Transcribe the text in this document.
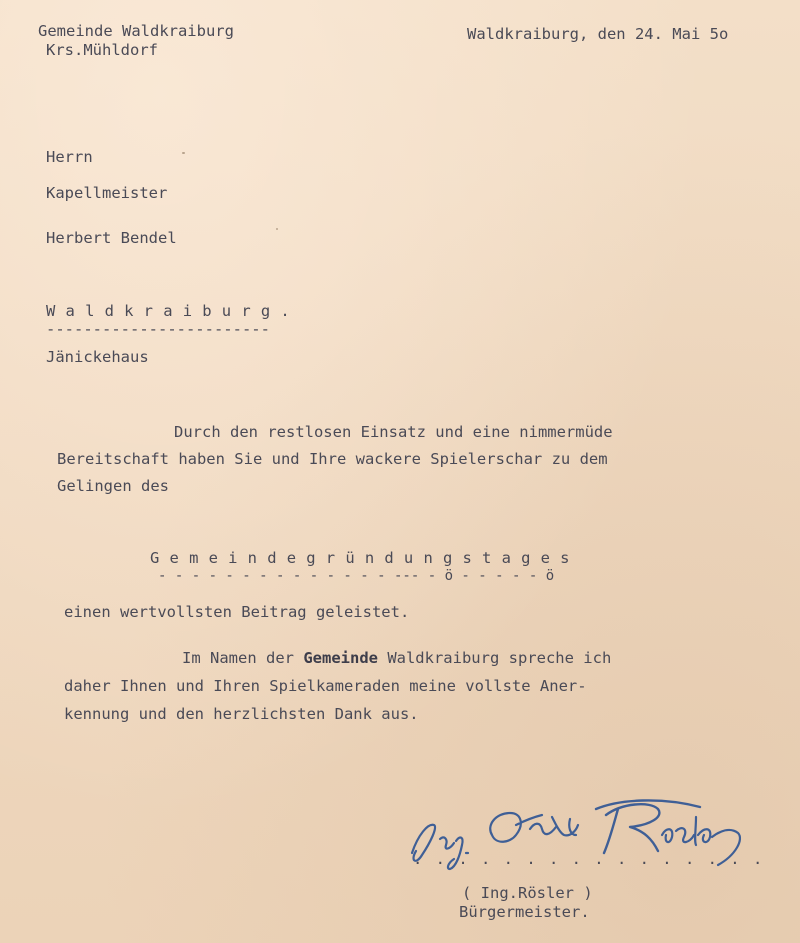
Gemeinde Waldkraiburg

Krs.Mühldorf

Waldkraiburg, den 24. Mai 5o

Herrn

Kapellmeister

Herbert Bendel

Waldkraiburg.

------------------------

Jänickehaus

Durch den restlosen Einsatz und eine nimmermüde

Bereitschaft haben Sie und Ihre wackere Spielerschar zu dem

Gelingen des

Gemeindegründungstages

- - - - - - - - - - - - - - --- - ö - - - - - ö

einen wertvollsten Beitrag geleistet.

Im Namen der Gemeinde Waldkraiburg spreche ich

daher Ihnen und Ihren Spielkameraden meine vollste Aner-

kennung und den herzlichsten Dank aus.

. . . . . . . . . . . . . . . .

( Ing.Rösler )

Bürgermeister.
